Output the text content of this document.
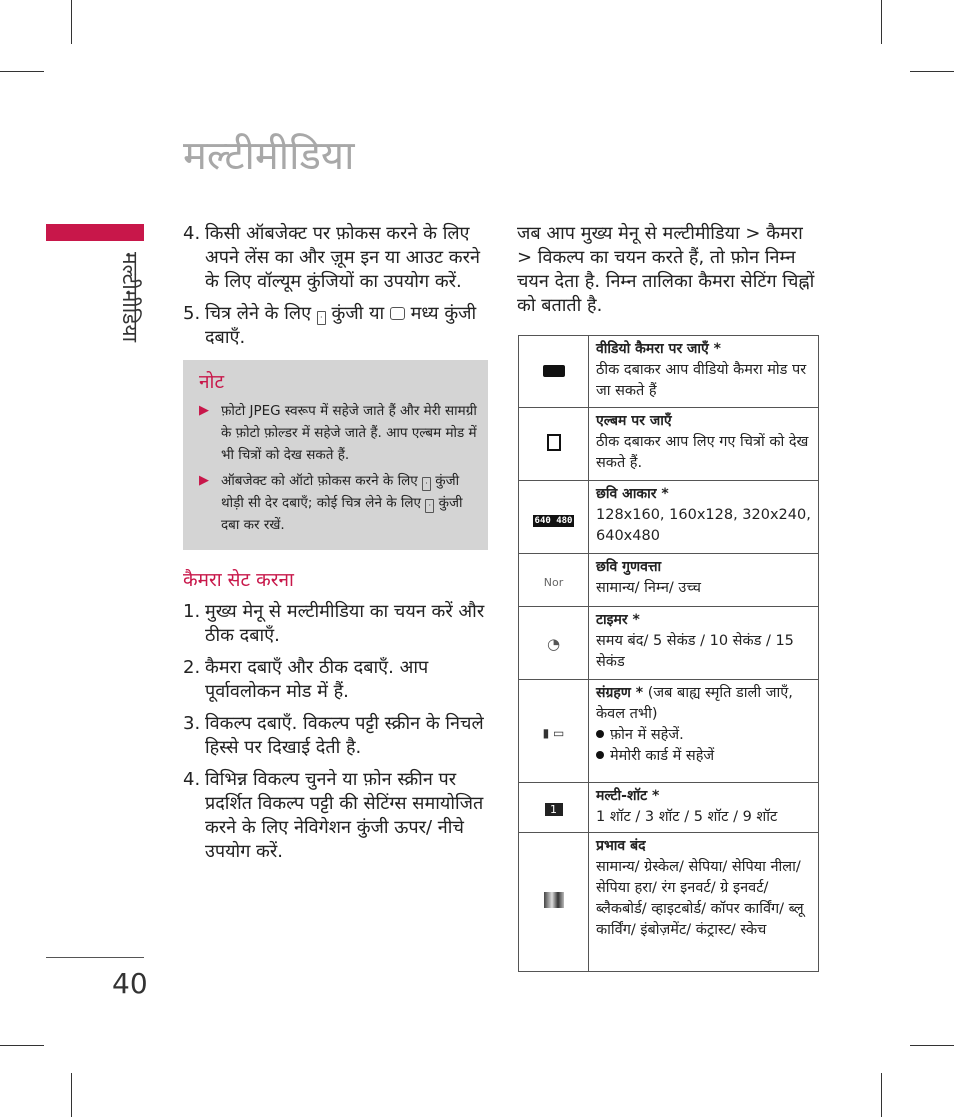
मल्टीमीडिया
मल्टीमीडिया
40
4. किसी ऑबजेक्ट पर फ़ोकस करने के लिए अपने लेंस का और ज़ूम इन या आउट करने के लिए वॉल्यूम कुंजियों का उपयोग करें.
5. चित्र लेने के लिए · कुंजी या मध्य कुंजी दबाएँ.
नोट
▶ फ़ोटो JPEG स्वरूप में सहेजे जाते हैं और मेरी सामग्री के फ़ोटो फ़ोल्डर में सहेजे जाते हैं. आप एल्बम मोड में भी चित्रों को देख सकते हैं.
▶ ऑबजेक्ट को ऑटो फ़ोकस करने के लिए · कुंजी थोड़ी सी देर दबाएँ; कोई चित्र लेने के लिए · कुंजी दबा कर रखें.
कैमरा सेट करना
1. मुख्य मेनू से मल्टीमीडिया का चयन करें और ठीक दबाएँ.
2. कैमरा दबाएँ और ठीक दबाएँ. आप पूर्वावलोकन मोड में हैं.
3. विकल्प दबाएँ. विकल्प पट्टी स्क्रीन के निचले हिस्से पर दिखाई देती है.
4. विभिन्न विकल्प चुनने या फ़ोन स्क्रीन पर प्रदर्शित विकल्प पट्टी की सेटिंग्स समायोजित करने के लिए नेविगेशन कुंजी ऊपर/ नीचे उपयोग करें.
जब आप मुख्य मेनू से मल्टीमीडिया > कैमरा > विकल्प का चयन करते हैं, तो फ़ोन निम्न चयन देता है. निम्न तालिका कैमरा सेटिंग चिह्नों को बताती है.
	वीडियो कैमरा पर जाएँ *
ठीक दबाकर आप वीडियो कैमरा मोड पर जा सकते हैं
	एल्बम पर जाएँ
ठीक दबाकर आप लिए गए चित्रों को देख सकते हैं.
640 480	छवि आकार *
128x160, 160x128, 320x240, 640x480
Nor	छवि गुणवत्ता
सामान्य/ निम्न/ उच्च
◔	टाइमर *
समय बंद/ 5 सेकंड / 10 सेकंड / 15 सेकंड
▮ ▭	संग्रहण * (जब बाह्य स्मृति डाली जाएँ, केवल तभी)
फ़ोन में सहेजें.
मेमोरी कार्ड में सहेजें
1	मल्टी-शॉट *
1 शॉट / 3 शॉट / 5 शॉट / 9 शॉट
	प्रभाव बंद
सामान्य/ ग्रेस्केल/ सेपिया/ सेपिया नीला/ सेपिया हरा/ रंग इनवर्ट/ ग्रे इनवर्ट/ ब्लैकबोर्ड/ व्हाइटबोर्ड/ कॉपर कार्विंग/ ब्लू कार्विंग/ इंबोज़मेंट/ कंट्रास्ट/ स्केच
